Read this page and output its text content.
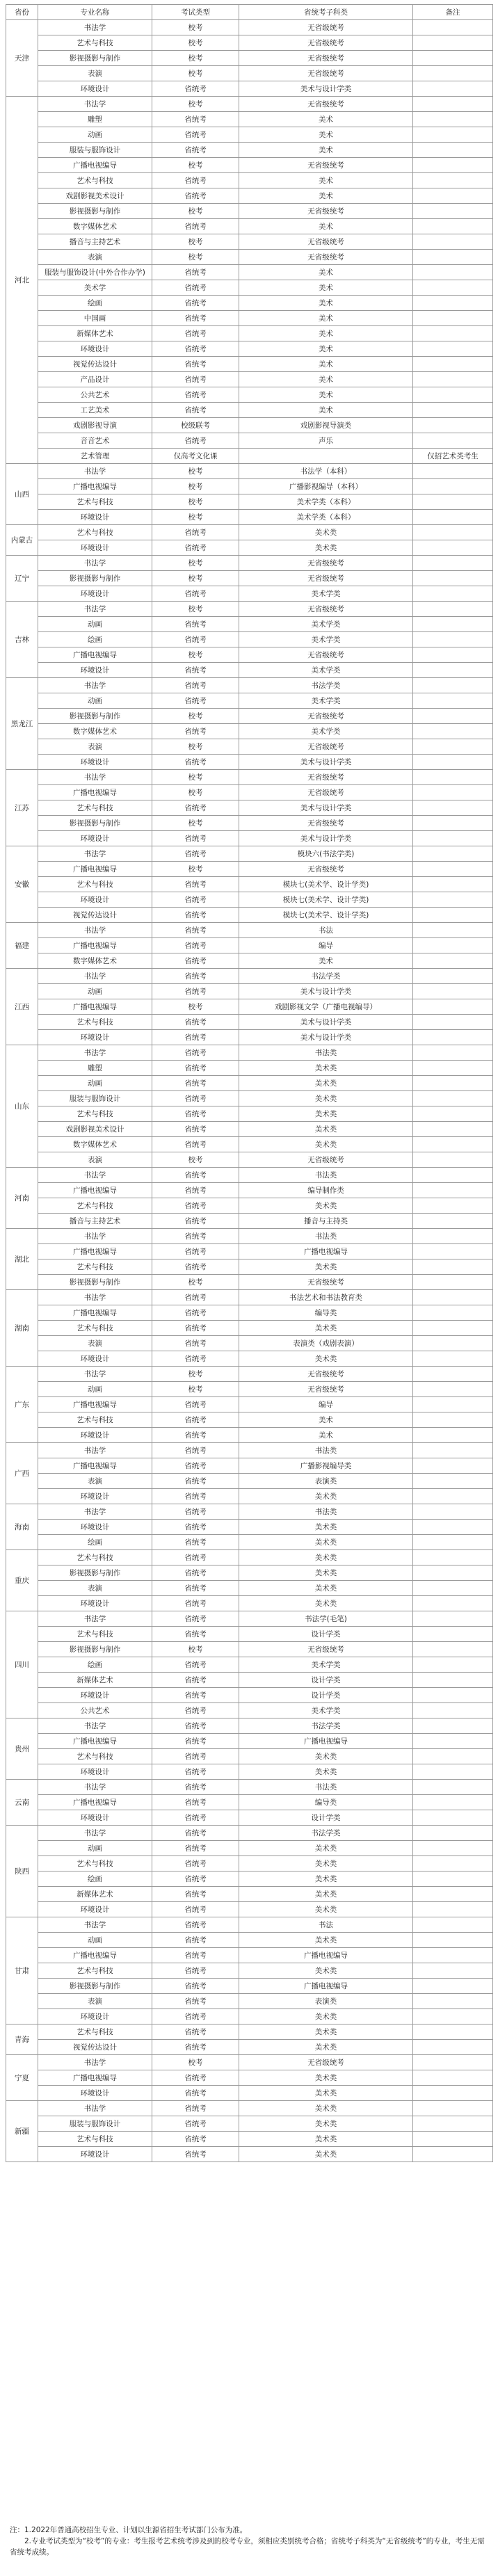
省份	专业名称	考试类型	省统考子科类	备注
天津	书法学	校考	无省级统考	
	艺术与科技	校考	无省级统考	
	影视摄影与制作	校考	无省级统考	
	表演	校考	无省级统考	
	环境设计	省统考	美术与设计学类	
河北	书法学	校考	无省级统考	
	雕塑	省统考	美术	
	动画	省统考	美术	
	服装与服饰设计	省统考	美术	
	广播电视编导	校考	无省级统考	
	艺术与科技	省统考	美术	
	戏剧影视美术设计	省统考	美术	
	影视摄影与制作	校考	无省级统考	
	数字媒体艺术	省统考	美术	
	播音与主持艺术	校考	无省级统考	
	表演	校考	无省级统考	
	服装与服饰设计(中外合作办学)	省统考	美术	
	美术学	省统考	美术	
	绘画	省统考	美术	
	中国画	省统考	美术	
	新媒体艺术	省统考	美术	
	环境设计	省统考	美术	
	视觉传达设计	省统考	美术	
	产品设计	省统考	美术	
	公共艺术	省统考	美术	
	工艺美术	省统考	美术	
	戏剧影视导演	校级联考	戏剧影视导演类	
	音音艺术	省统考	声乐	
	艺术管理	仅高考文化课		仅招艺术类考生
山西	书法学	校考	书法学（本科）	
	广播电视编导	校考	广播影视编导（本科）	
	艺术与科技	校考	美术学类（本科）	
	环境设计	校考	美术学类（本科）	
内蒙古	艺术与科技	省统考	美术类	
	环境设计	省统考	美术类	
辽宁	书法学	校考	无省级统考	
	影视摄影与制作	校考	无省级统考	
	环境设计	省统考	美术学类	
吉林	书法学	校考	无省级统考	
	动画	省统考	美术学类	
	绘画	省统考	美术学类	
	广播电视编导	校考	无省级统考	
	环境设计	省统考	美术学类	
黑龙江	书法学	省统考	书法学类	
	动画	省统考	美术学类	
	影视摄影与制作	校考	无省级统考	
	数字媒体艺术	省统考	美术学类	
	表演	校考	无省级统考	
	环境设计	省统考	美术与设计学类	
江苏	书法学	校考	无省级统考	
	广播电视编导	校考	无省级统考	
	艺术与科技	省统考	美术与设计学类	
	影视摄影与制作	校考	无省级统考	
	环境设计	省统考	美术与设计学类	
安徽	书法学	省统考	模块六(书法学类)	
	广播电视编导	校考	无省级统考	
	艺术与科技	省统考	模块七(美术学、设计学类)	
	环境设计	省统考	模块七(美术学、设计学类)	
	视觉传达设计	省统考	模块七(美术学、设计学类)	
福建	书法学	省统考	书法	
	广播电视编导	省统考	编导	
	数字媒体艺术	省统考	美术	
江西	书法学	省统考	书法学类	
	动画	省统考	美术与设计学类	
	广播电视编导	校考	戏剧影视文学（广播电视编导）	
	艺术与科技	省统考	美术与设计学类	
	环境设计	省统考	美术与设计学类	
山东	书法学	省统考	书法类	
	雕塑	省统考	美术类	
	动画	省统考	美术类	
	服装与服饰设计	省统考	美术类	
	艺术与科技	省统考	美术类	
	戏剧影视美术设计	省统考	美术类	
	数字媒体艺术	省统考	美术类	
	表演	校考	无省级统考	
河南	书法学	省统考	书法类	
	广播电视编导	省统考	编导制作类	
	艺术与科技	省统考	美术类	
	播音与主持艺术	省统考	播音与主持类	
湖北	书法学	省统考	书法类	
	广播电视编导	省统考	广播电视编导	
	艺术与科技	省统考	美术类	
	影视摄影与制作	校考	无省级统考	
湖南	书法学	省统考	书法艺术和书法教育类	
	广播电视编导	省统考	编导类	
	艺术与科技	省统考	美术类	
	表演	省统考	表演类（戏剧表演）	
	环境设计	省统考	美术类	
广东	书法学	校考	无省级统考	
	动画	校考	无省级统考	
	广播电视编导	省统考	编导	
	艺术与科技	省统考	美术	
	环境设计	省统考	美术	
广西	书法学	省统考	书法类	
	广播电视编导	省统考	广播影视编导类	
	表演	省统考	表演类	
	环境设计	省统考	美术类	
海南	书法学	省统考	书法类	
	环境设计	省统考	美术类	
	绘画	省统考	美术类	
重庆	艺术与科技	省统考	美术类	
	影视摄影与制作	省统考	美术类	
	表演	省统考	美术类	
	环境设计	省统考	美术类	
四川	书法学	省统考	书法学(毛笔)	
	艺术与科技	省统考	设计学类	
	影视摄影与制作	校考	无省级统考	
	绘画	省统考	美术学类	
	新媒体艺术	省统考	设计学类	
	环境设计	省统考	设计学类	
	公共艺术	省统考	美术学类	
贵州	书法学	省统考	书法学类	
	广播电视编导	省统考	广播电视编导	
	艺术与科技	省统考	美术类	
	环境设计	省统考	美术类	
云南	书法学	省统考	书法类	
	广播电视编导	省统考	编导类	
	环境设计	省统考	设计学类	
陕西	书法学	省统考	书法学类	
	动画	省统考	美术类	
	艺术与科技	省统考	美术类	
	绘画	省统考	美术类	
	新媒体艺术	省统考	美术类	
	环境设计	省统考	美术类	
甘肃	书法学	省统考	书法	
	动画	省统考	美术类	
	广播电视编导	省统考	广播电视编导	
	艺术与科技	省统考	美术类	
	影视摄影与制作	省统考	广播电视编导	
	表演	省统考	表演类	
	环境设计	省统考	美术类	
青海	艺术与科技	省统考	美术类	
	视觉传达设计	省统考	美术类	
宁夏	书法学	校考	无省级统考	
	广播电视编导	省统考	美术类	
	环境设计	省统考	美术类	
新疆	书法学	省统考	美术类	
	服装与服饰设计	省统考	美术类	
	艺术与科技	省统考	美术类	
	环境设计	省统考	美术类	
注：1.2022年普通高校招生专业、计划以生源省招生考试部门公布为准。
2.专业考试类型为“校考”的专业：考生报考艺术统考涉及到的校考专业，须相应类别统考合格；省统考子科类为“无省级统考”的专业，考生无需省统考成绩。
